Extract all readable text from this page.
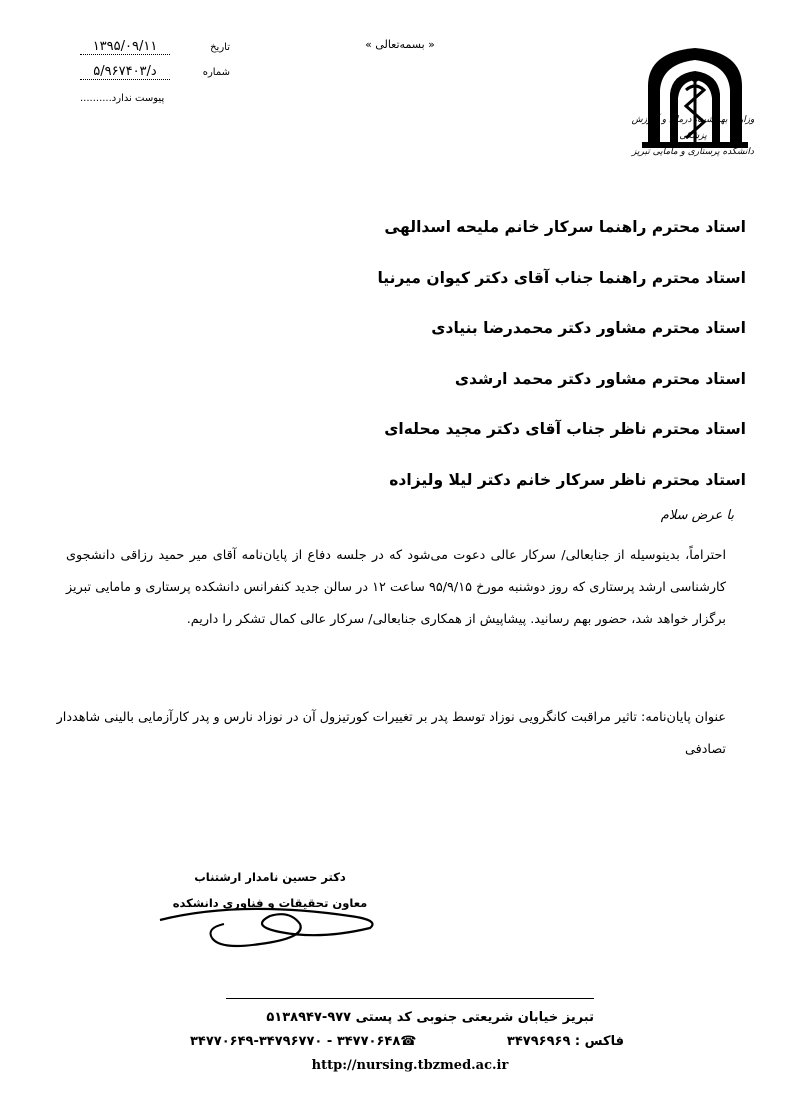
تاریخ
۱۳۹۵/۰۹/۱۱
شماره
۵/د/۹۶۷۴۰۳
پیوست ندارد..........
« بسمه‌تعالی »
وزارت بهداشت، درمان و آموزش پزشکی
دانشکده پرستاری و مامایی تبریز
استاد محترم راهنما سرکار خانم ملیحه اسدالهی
استاد محترم راهنما جناب آقای دکتر کیوان میرنیا
استاد محترم مشاور دکتر محمدرضا بنیادی
استاد محترم مشاور دکتر محمد ارشدی
استاد محترم ناظر جناب آقای دکتر مجید محله‌ای
استاد محترم ناظر سرکار خانم دکتر لیلا ولیزاده
با عرض سلام
احتراماً، بدینوسیله از جنابعالی/ سرکار عالی دعوت می‌شود که در جلسه دفاع از پایان‌نامه آقای میر حمید رزاقی دانشجوی کارشناسی ارشد پرستاری که روز دوشنبه مورخ ۹۵/۹/۱۵ ساعت ۱۲ در سالن جدید کنفرانس دانشکده پرستاری و مامایی تبریز برگزار خواهد شد، حضور بهم رسانید. پیشاپیش از همکاری جنابعالی/ سرکار عالی کمال تشکر را داریم.
عنوان پایان‌نامه: تاثیر مراقبت کانگرویی نوزاد توسط پدر بر تغییرات کورتیزول آن در نوزاد نارس و پدر کارآزمایی بالینی شاهددار تصادفی
دکتر حسین نامدار ارشتناب
معاون تحقیقات و فناوری دانشکده
تبریز خیابان شریعتی جنوبی کد پستی ۹۷۷-۵۱۳۸۹۴۷
فاکس : ۳۴۷۹۶۹۶۹
☎۳۴۷۷۰۶۴۸ - ۳۴۷۷۰۶۴۹-۳۴۷۹۶۷۷۰
http://nursing.tbzmed.ac.ir
